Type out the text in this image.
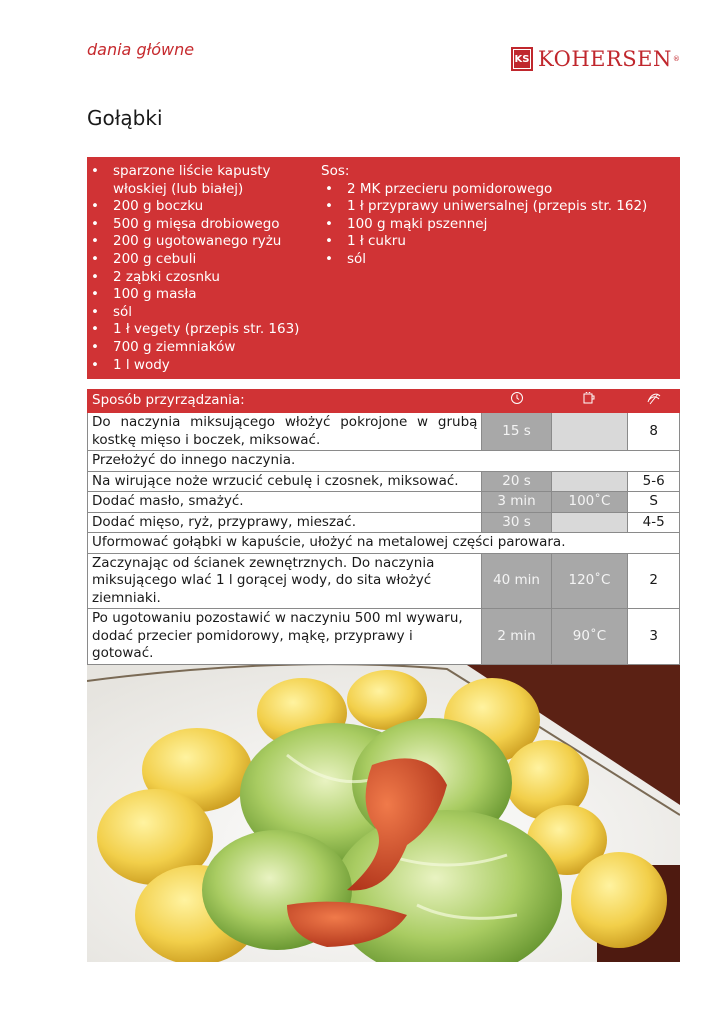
dania główne	KS KOHERSEN ®
Gołąbki
• sparzone liście kapusty włoskiej (lub białej)
• 200 g boczku
• 500 g mięsa drobiowego
• 200 g ugotowanego ryżu
• 200 g cebuli
• 2 ząbki czosnku
• 100 g masła
• sól
• 1 ł vegety (przepis str. 163)
• 700 g ziemniaków
• 1 l wody
Sos:
• 2 MK przecieru pomidorowego
• 1 ł przyprawy uniwersalnej (przepis str. 162)
• 100 g mąki pszennej
• 1 ł cukru
• sól
Sposób przyrządzania:			
Do naczynia miksującego włożyć pokrojone w grubą kostkę mięso i boczek, miksować.	15 s		8
Przełożyć do innego naczynia.			
Na wirujące noże wrzucić cebulę i czosnek, miksować.	20 s		5-6
Dodać masło, smażyć.	3 min	100˚C	S
Dodać mięso, ryż, przyprawy, mieszać.	30 s		4-5
Uformować gołąbki w kapuście, ułożyć na metalowej części parowara.			
Zaczynając od ścianek zewnętrznych. Do naczynia miksującego wlać 1 l gorącej wody, do sita włożyć ziemniaki.	40 min	120˚C	2
Po ugotowaniu pozostawić w naczyniu 500 ml wywaru, dodać przecier pomidorowy, mąkę, przyprawy i gotować.	2 min	90˚C	3
